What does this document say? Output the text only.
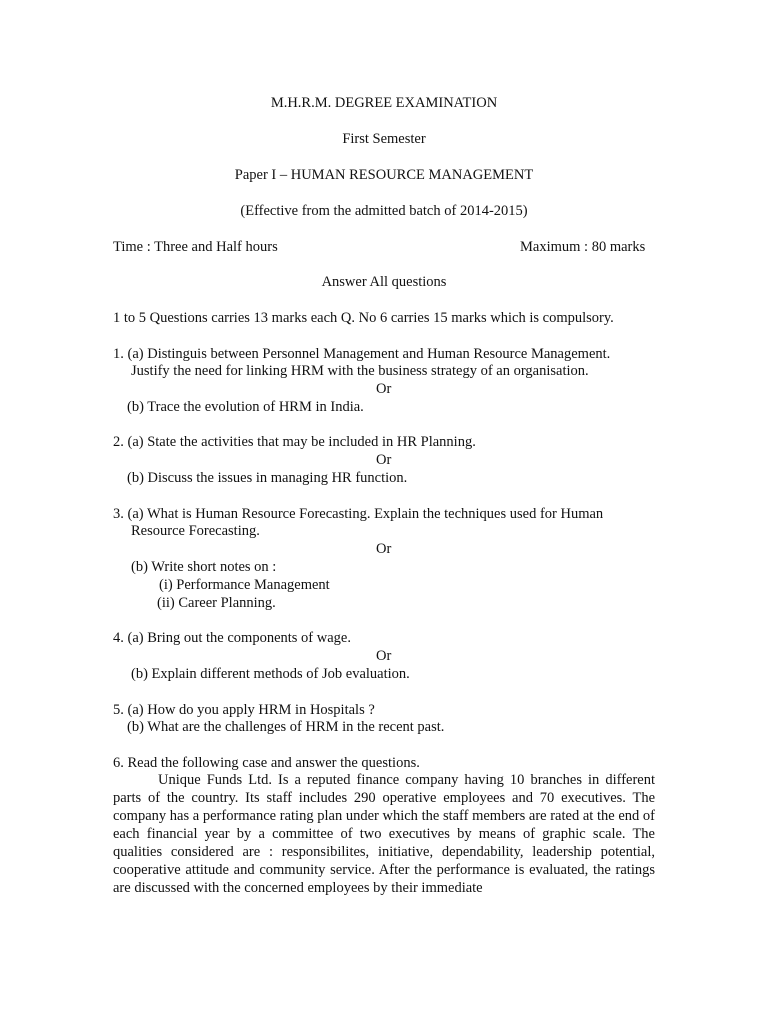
M.H.R.M. DEGREE EXAMINATION
First Semester
Paper I – HUMAN RESOURCE MANAGEMENT
(Effective from the admitted batch of 2014-2015)
Time : Three and Half hours	Maximum : 80 marks
Answer All questions
1 to 5 Questions carries 13 marks each Q. No 6 carries 15 marks which is compulsory.
1. (a) Distinguis between Personnel Management and Human Resource Management.
Justify the need for linking HRM with the business strategy of an organisation.
Or
(b) Trace the evolution of HRM in India.
2. (a) State the activities that may be included in HR Planning.
Or
(b) Discuss the issues in managing HR function.
3. (a) What is Human Resource Forecasting. Explain the techniques used for Human
Resource Forecasting.
Or
(b) Write short notes on :
(i) Performance Management
(ii) Career Planning.
4. (a) Bring out the components of wage.
Or
(b) Explain different methods of Job evaluation.
5. (a) How do you apply HRM in Hospitals ?
(b) What are the challenges of HRM in the recent past.
6. Read the following case and answer the questions.
Unique Funds Ltd. Is a reputed finance company having 10 branches in different parts of the country. Its staff includes 290 operative employees and 70 executives. The company has a performance rating plan under which the staff members are rated at the end of each financial year by a committee of two executives by means of graphic scale. The qualities considered are : responsibilites, initiative, dependability, leadership potential, cooperative attitude and community service. After the performance is evaluated, the ratings are discussed with the concerned employees by their immediate
